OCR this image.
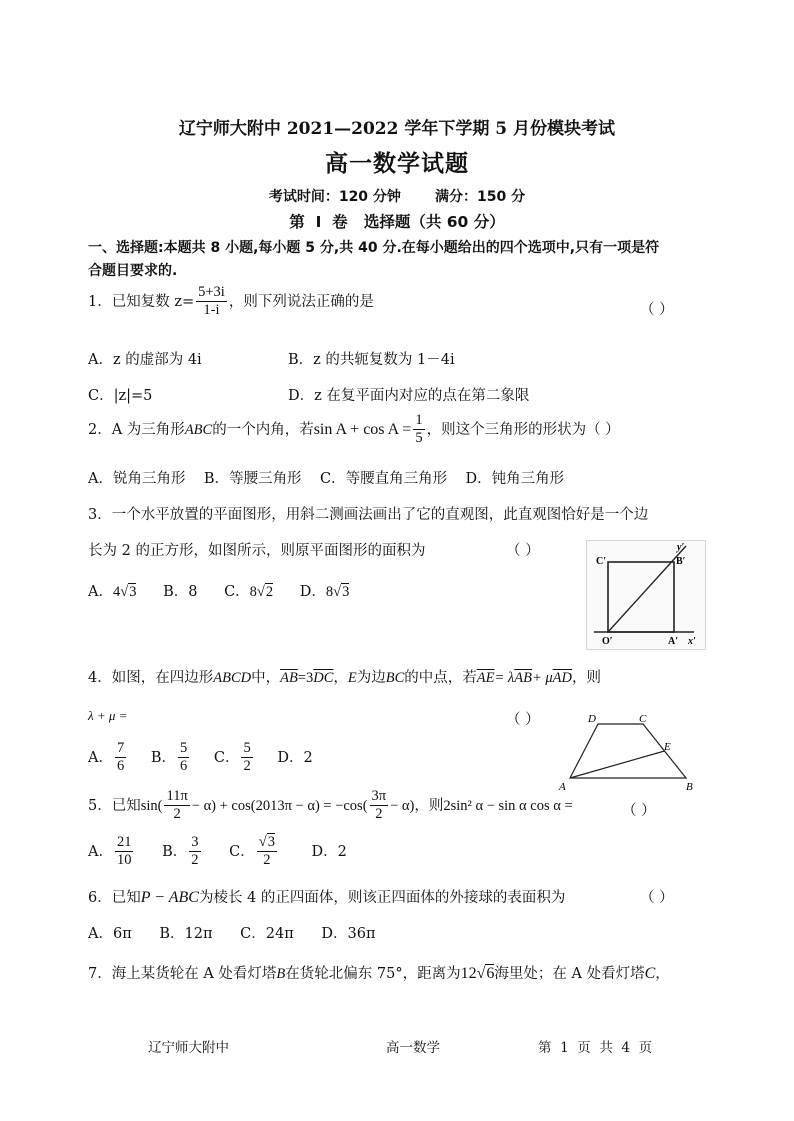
辽宁师大附中 2021—2022 学年下学期 5 月份模块考试
高一数学试题
考试时间：120 分钟       满分：150 分
第  Ⅰ  卷   选择题（共 60 分）
一、选择题:本题共 8 小题,每小题 5 分,共 40 分.在每小题给出的四个选项中,只有一项是符
合题目要求的.
1．已知复数 $z= \frac{5+3i}{1-i}$ ，则下列说法正确的是
（ ）
A．z 的虚部为 4i	B．z 的共轭复数为 1－4i
C．|z|=5	D．z 在复平面内对应的点在第二象限
2．A 为三角形ABC的一个内角，若$\sin A + \cos A = \frac{1}{5}$ ，则这个三角形的形状为（ ）
A．锐角三角形    B．等腰三角形    C．等腰直角三角形    D．钝角三角形
3．一个水平放置的平面图形，用斜二测画法画出了它的直观图，此直观图恰好是一个边
长为 2 的正方形，如图所示，则原平面图形的面积为	（ ）
A．4√3 B．8 C．8√2 D．8√3
C′	B′
y′
O′	A′ x′
4．如图，在四边形ABCD中，$\overline{AB}=3\overline{DC}$，E为边BC的中点，若$\overline{AE}= \lambda\overline{AB}+ \mu\overline{AD}$，则
λ + μ =	（ ）
A． $\frac{7}{6}$ B． $\frac{5}{6}$ C． $\frac{5}{2}$ D．2
D	C
E
A	B
5．已知$\sin( \frac{11\pi}{2} - \alpha) + \cos(2013\pi - \alpha) = -\cos( \frac{3\pi}{2} - \alpha)$，则2sin² α − sin α cos α =	（ ）
A． $\frac{21}{10}$ B． $\frac{3}{2}$ C． $\frac{√3}{2}$ D．2
6．已知P − ABC为棱长 4 的正四面体，则该正四面体的外接球的表面积为	（ ）
A．6π      B．12π      C．24π      D．36π
7．海上某货轮在 A 处看灯塔B在货轮北偏东 75°，距离为12√6海里处；在 A 处看灯塔C，
辽宁师大附中	高一数学	第  1  页  共  4  页
